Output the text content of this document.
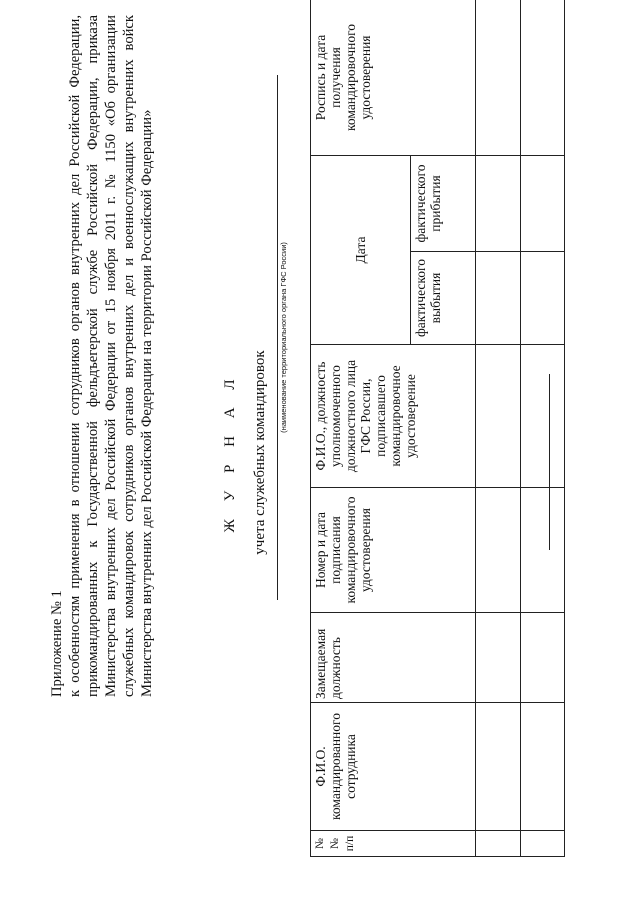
Приложение № 1 к особенностям применения в отношении сотрудников органов внутренних дел Российской Федерации, прикомандированных к Государственной фельдъегерской службе Российской Федерации, приказа Министерства внутренних дел Российской Федерации от 15 ноября 2011 г. № 1150 «Об организации служебных командировок сотрудников органов внутренних дел и военнослужащих внутренних войск Министерства внутренних дел Российской Федерации на территории Российской Федерации»	Ж У Р Н А Л учета служебных командировок
(наименование территориального органа ГФС России)
№№ п/п	Ф.И.О. командированного сотрудника	Замещаемая должность	Номер и дата подписания командировочного удостоверения	Ф.И.О., должность уполномоченного должностного лица ГФС России, подписавшего командировочное удостоверение	Дата		Роспись и дата получения командировочного удостоверения
					фактического выбытия	фактического прибытия	
